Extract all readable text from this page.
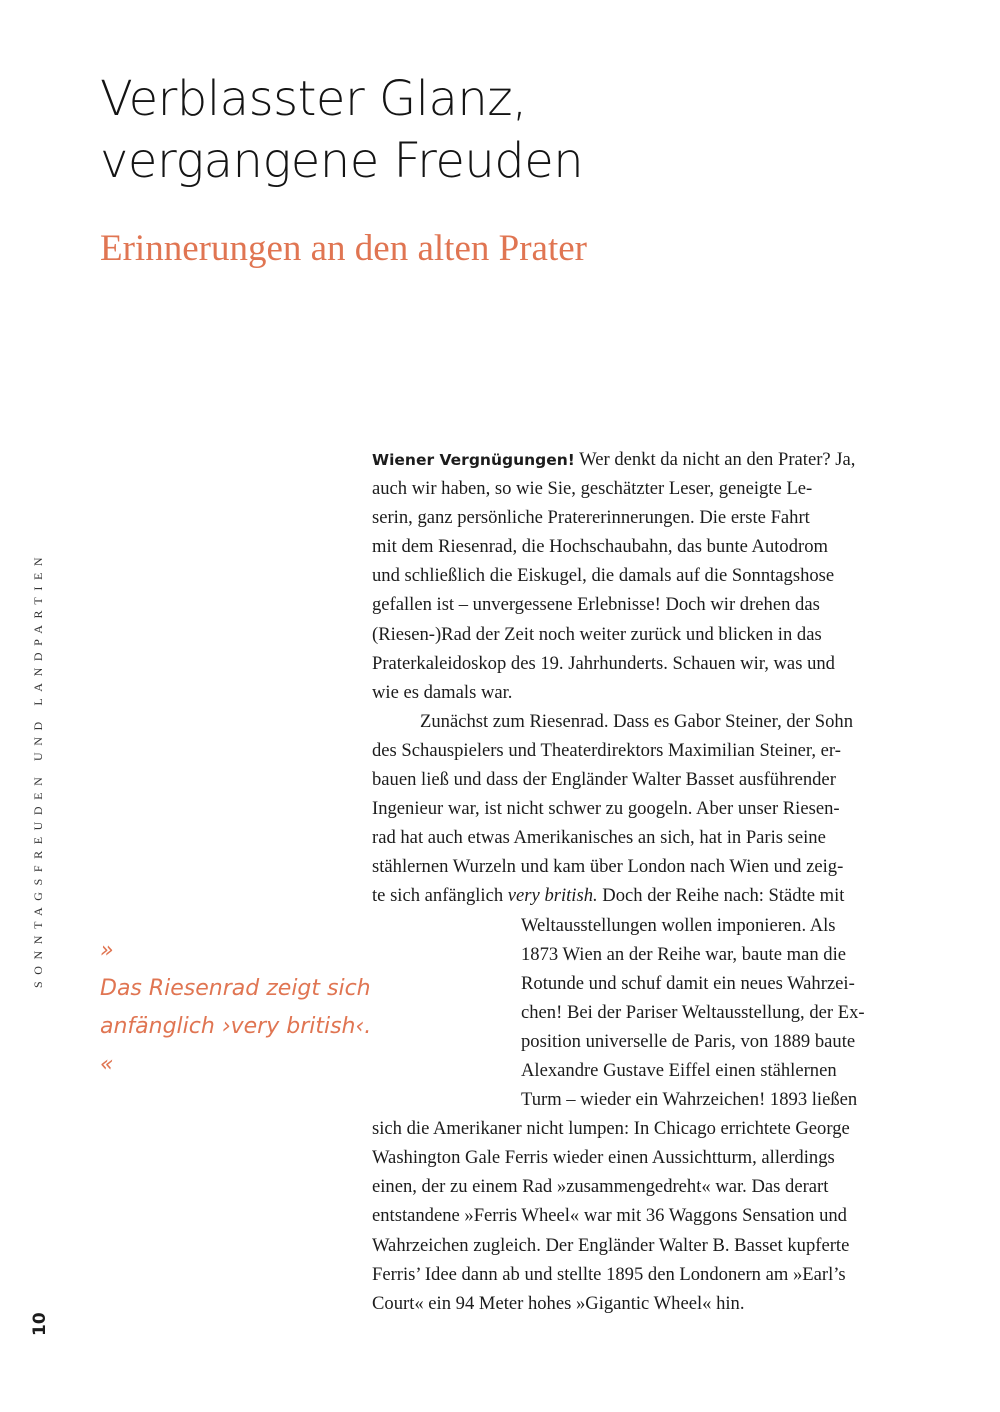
Verblasster Glanz,
vergangene Freuden
Erinnerungen an den alten Prater
SONNTAGSFREUDEN UND LANDPARTIEN
10
»
Das Riesenrad zeigt sich
anfänglich ›very british‹.
«
Wiener Vergnügungen! Wer denkt da nicht an den Prater? Ja,
auch wir haben, so wie Sie, geschätzter Leser, geneigte Le-
serin, ganz persönliche Pratererinnerungen. Die erste Fahrt
mit dem Riesenrad, die Hochschaubahn, das bunte Autodrom
und schließlich die Eiskugel, die damals auf die Sonntagshose
gefallen ist – unvergessene Erlebnisse! Doch wir drehen das
(Riesen-)Rad der Zeit noch weiter zurück und blicken in das
Praterkaleidoskop des 19. Jahrhunderts. Schauen wir, was und
wie es damals war.
Zunächst zum Riesenrad. Dass es Gabor Steiner, der Sohn
des Schauspielers und Theaterdirektors Maximilian Steiner, er-
bauen ließ und dass der Engländer Walter Basset ausführender
Ingenieur war, ist nicht schwer zu googeln. Aber unser Riesen-
rad hat auch etwas Amerikanisches an sich, hat in Paris seine
stählernen Wurzeln und kam über London nach Wien und zeig-
te sich anfänglich very british. Doch der Reihe nach: Städte mit
Weltausstellungen wollen imponieren. Als
1873 Wien an der Reihe war, baute man die
Rotunde und schuf damit ein neues Wahrzei-
chen! Bei der Pariser Weltausstellung, der Ex-
position universelle de Paris, von 1889 baute
Alexandre Gustave Eiffel einen stählernen
Turm – wieder ein Wahrzeichen! 1893 ließen
sich die Amerikaner nicht lumpen: In Chicago errichtete George
Washington Gale Ferris wieder einen Aussichtturm, allerdings
einen, der zu einem Rad »zusammengedreht« war. Das derart
entstandene »Ferris Wheel« war mit 36 Waggons Sensation und
Wahrzeichen zugleich. Der Engländer Walter B. Basset kupferte
Ferris’ Idee dann ab und stellte 1895 den Londonern am »Earl’s
Court« ein 94 Meter hohes »Gigantic Wheel« hin.
